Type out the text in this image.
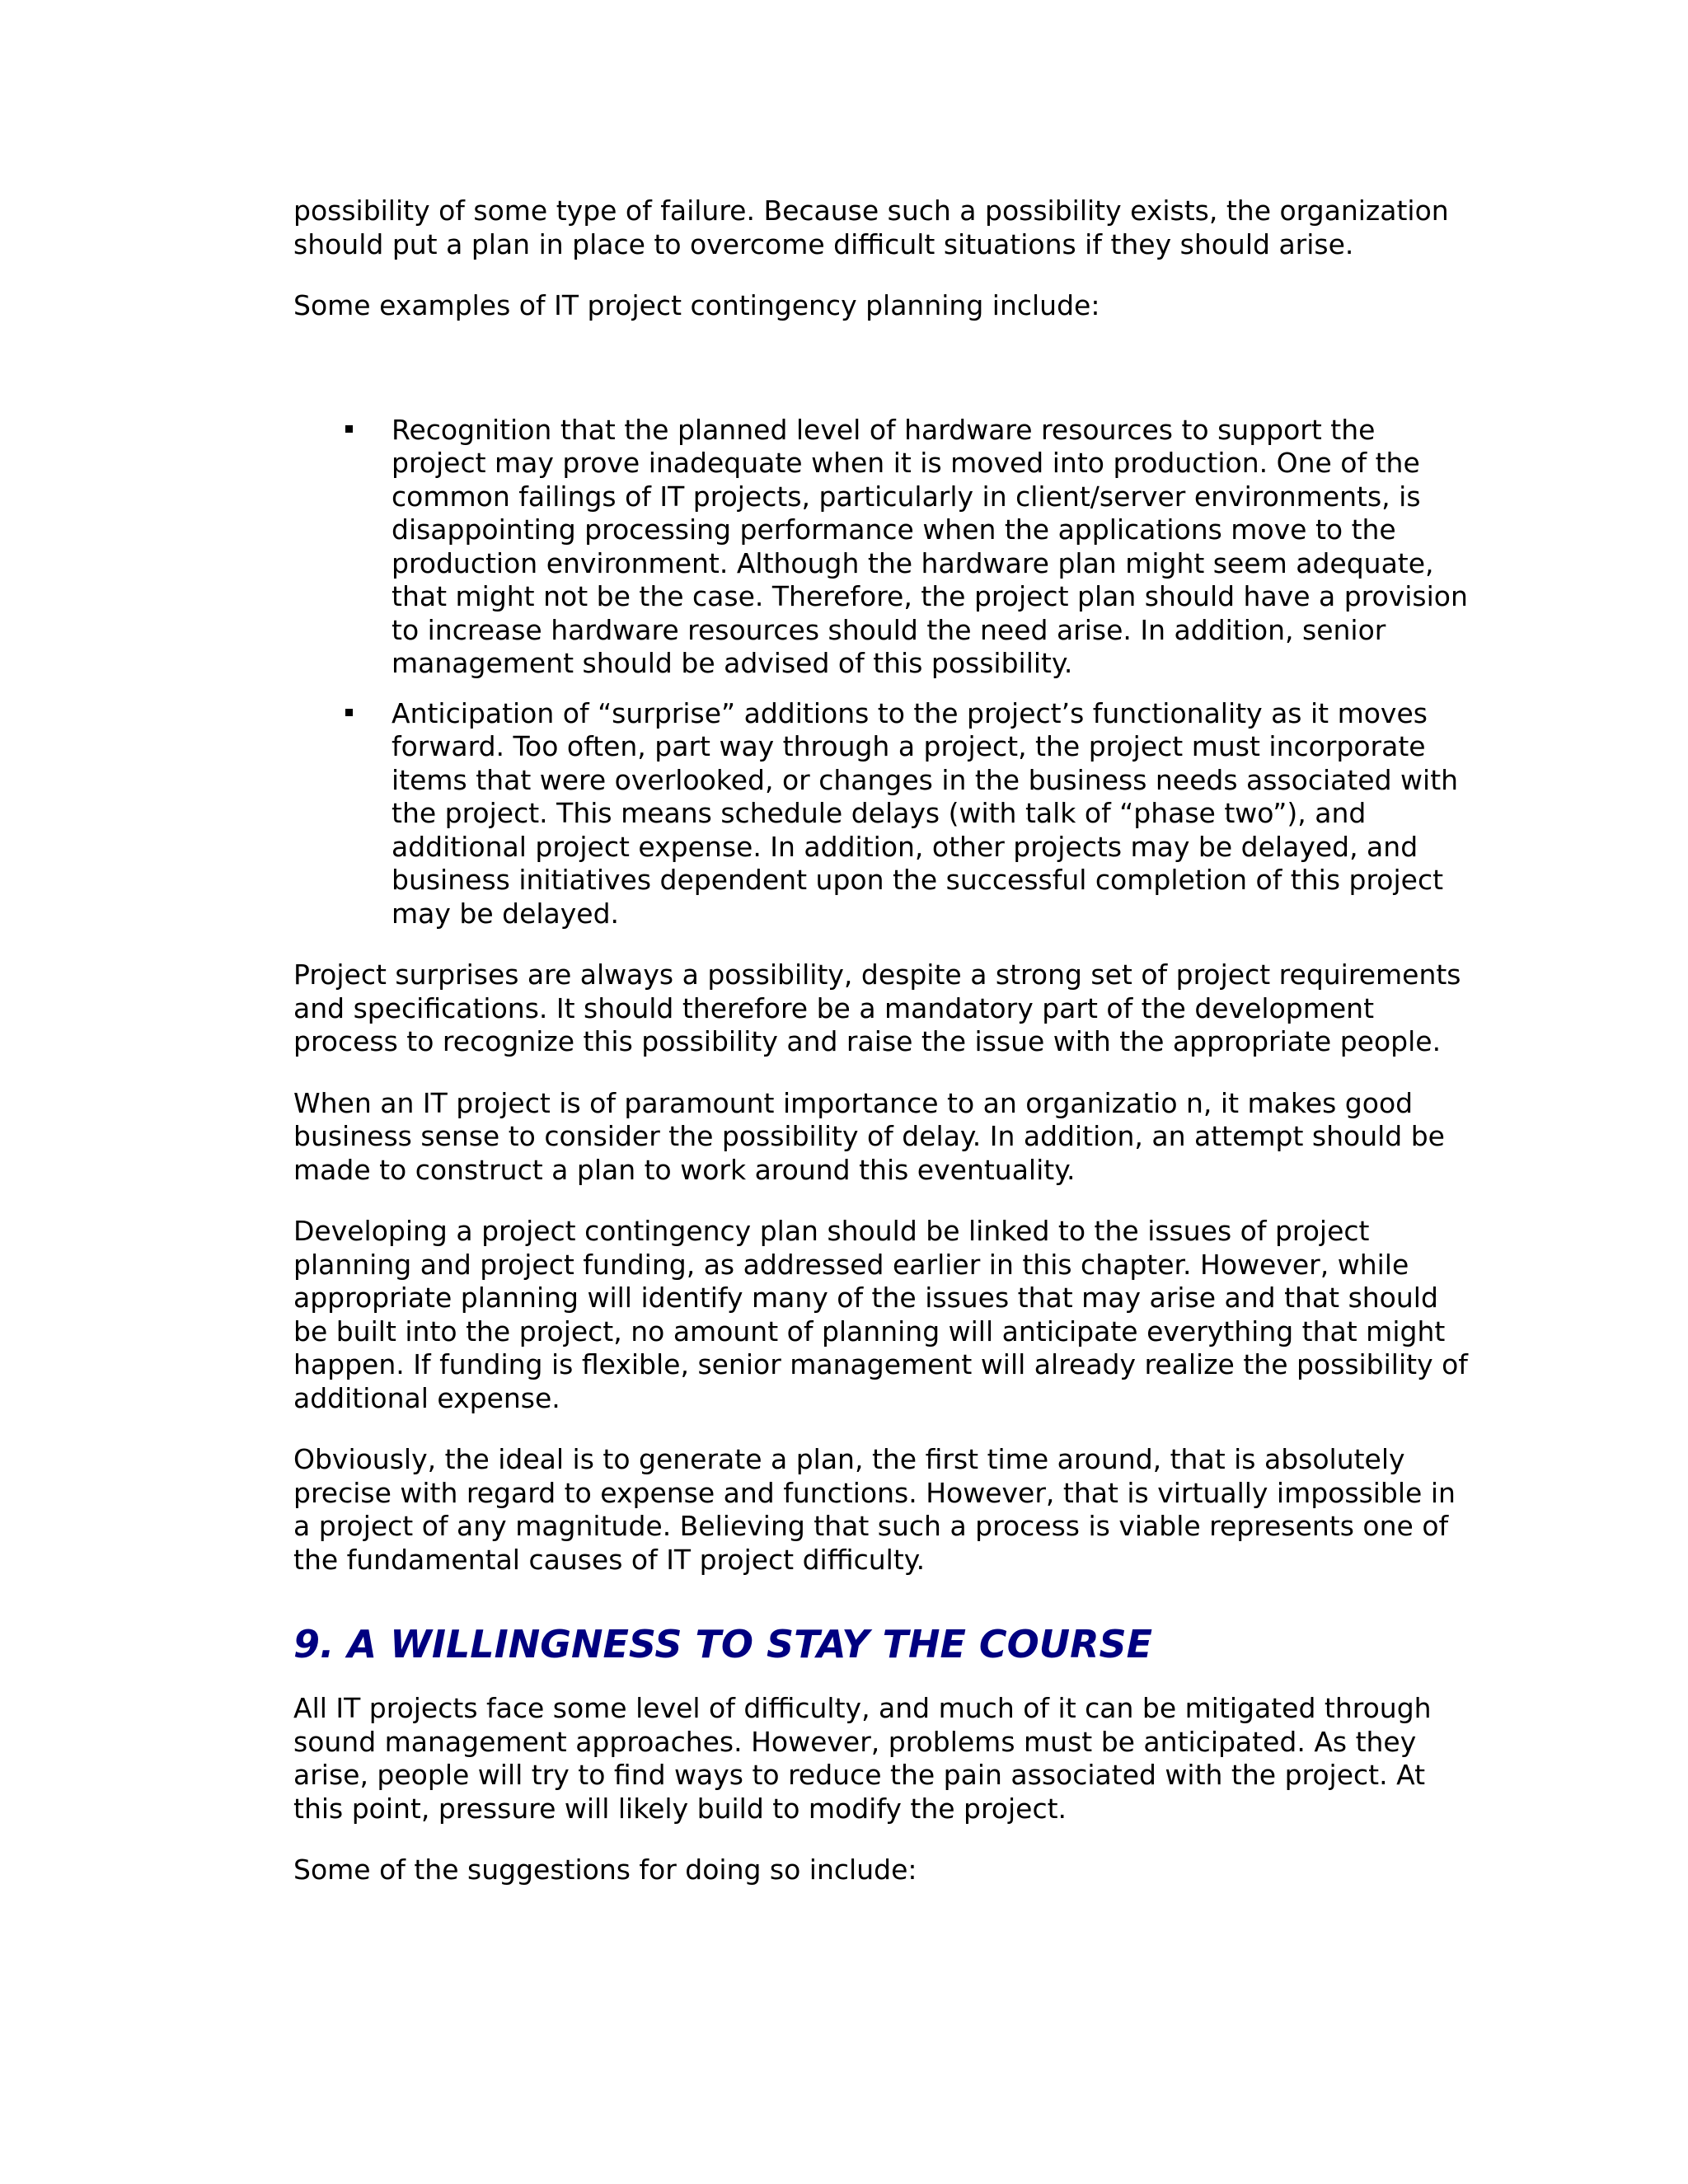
possibility of some type of failure. Because such a possibility exists, the organization should put a plan in place to overcome difficult situations if they should arise.

Some examples of IT project contingency planning include:

Recognition that the planned level of hardware resources to support the project may prove inadequate when it is moved into production. One of the common failings of IT projects, particularly in client/server environments, is disappointing processing performance when the applications move to the production environment. Although the hardware plan might seem adequate, that might not be the case. Therefore, the project plan should have a provision to increase hardware resources should the need arise. In addition, senior management should be advised of this possibility.
Anticipation of “surprise” additions to the project’s functionality as it moves forward. Too often, part way through a project, the project must incorporate items that were overlooked, or changes in the business needs associated with the project. This means schedule delays (with talk of “phase two”), and additional project expense. In addition, other projects may be delayed, and business initiatives dependent upon the successful completion of this project may be delayed.

Project surprises are always a possibility, despite a strong set of project requirements and specifications. It should therefore be a mandatory part of the development process to recognize this possibility and raise the issue with the appropriate people.

When an IT project is of paramount importance to an organizatio n, it makes good business sense to consider the possibility of delay. In addition, an attempt should be made to construct a plan to work around this eventuality.

Developing a project contingency plan should be linked to the issues of project planning and project funding, as addressed earlier in this chapter. However, while appropriate planning will identify many of the issues that may arise and that should be built into the project, no amount of planning will anticipate everything that might happen. If funding is flexible, senior management will already realize the possibility of additional expense.

Obviously, the ideal is to generate a plan, the first time around, that is absolutely precise with regard to expense and functions. However, that is virtually impossible in a project of any magnitude. Believing that such a process is viable represents one of the fundamental causes of IT project difficulty.

9. A WILLINGNESS TO STAY THE COURSE

All IT projects face some level of difficulty, and much of it can be mitigated through sound management approaches. However, problems must be anticipated. As they arise, people will try to find ways to reduce the pain associated with the project. At this point, pressure will likely build to modify the project.

Some of the suggestions for doing so include:
